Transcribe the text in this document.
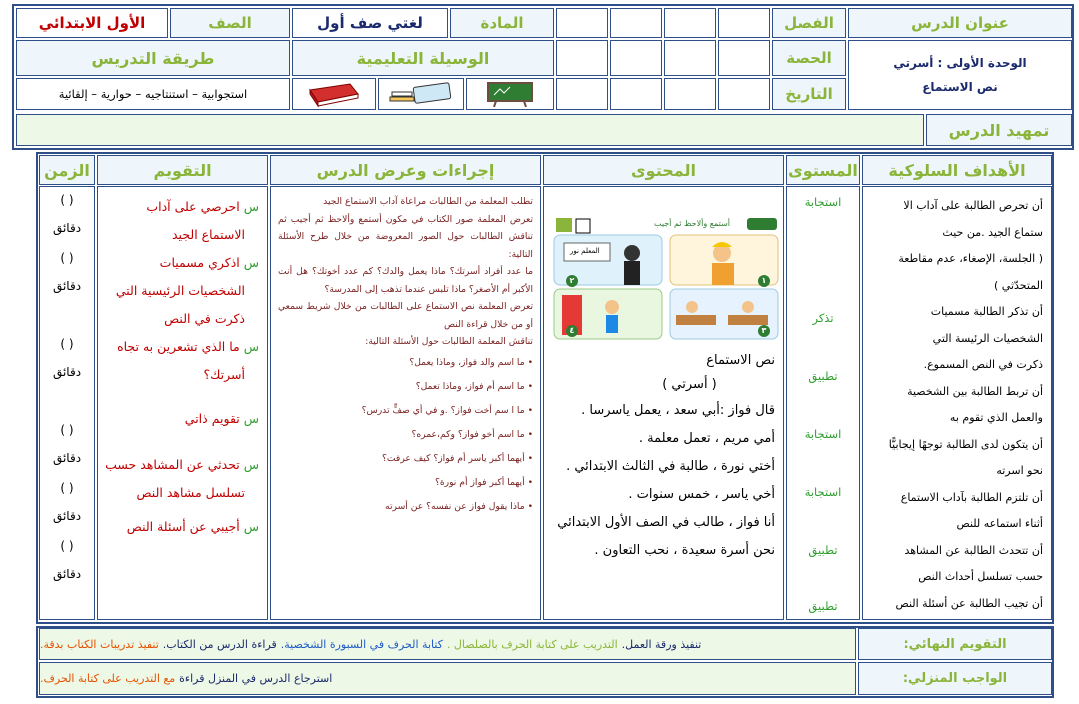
عنوان الدرس
الفصل
المادة
لغتي صف أول
الصف
الأول الابتدائي
الوحدة الأولى : أسرتي
نص الاستماع
الحصة
الوسيلة التعليمية
طريقة التدريس
التاريخ
استجوابية – استنتاجيه – حوارية – إلقائية
تمهيد الدرس
الأهداف السلوكية
المستوى
المحتوى
إجراءات وعرض الدرس
التقويم
الزمن

أن تحرص الطالبة على آداب الا

ستماع الجيد .من حيث

( الجلسة، الإصغاء، عدم مقاطعة

المتحدّثي )

أن تذكر الطالبة مسميات

الشخصيات الرئيسة التي

ذكرت في النص المسموع.

أن تربط الطالبة بين الشخصية

والعمل الذي تقوم به

أن يتكون لدى الطالبة توجهًا إيجابيًّا

نحو اسرته

أن تلتزم الطالبة بآداب الاستماع

أثناء استماعه للنص

أن تتحدث الطالبة عن المشاهد

حسب تسلسل أحداث النص

أن تجيب الطالبة عن أسئلة النص

استجابة
تذكر
تطبيق
استجابة
استجابة
تطبيق
تطبيق
أستمع وألاحظ ثم أجيب
المعلم نور
٢	١
٣
٤

نص الاستماع

( أسرتي )

قال فواز :أبي سعد ، يعمل ياسرسا .

أمي مريم ، تعمل معلمة .

أختي نورة ، طالبة في الثالث الابتدائي .

أخي ياسر ، خمس سنوات .

أنا فواز ، طالب في الصف الأول الابتدائي

نحن أسرة سعيدة ، نحب التعاون .

تطلب المعلمة من الطالبات مراعاة آداب الاستماع الجيد

تعرض المعلمة صور الكتاب في مكون أستمع وألاحظ ثم أجيب ثم تناقش الطالبات حول الصور المعروضة من خلال طرح الأسئلة التالية:

ما عدد أفراد أسرتك؟ ماذا يعمل والدك؟ كم عدد أخوتك؟ هل أنت الأكبر أم الأصغر؟ ماذا تلبس عندما تذهب إلى المدرسة؟

تعرض المعلمة نص الاستماع على الطالبات من خلال شريط سمعي أو من خلال قراءة النص

تناقش المعلمة الطالبات حول الأسئلة التالية:

• ما اسم والد فواز، وماذا يعمل؟

• ما اسم أم فواز، وماذا تعمل؟

• ما ا سم أخت فواز؟ .و في أي صفٍّ تدرس؟

• ما اسم أخو فواز؟ وكم،عمره؟

• أيهما أكبر ياسر أم فواز؟ كيف عرفت؟

• أيهما أكبر فواز أم نورة؟

• ماذا يقول فواز عن نفسه؟ عن أسرته

س احرصي على آداب

الاستماع الجيد

س اذكري مسميات

الشخصيات الرئيسية التي

ذكرت في النص

س ما الذي تشعرين به تجاه

أسرتك؟

س تقويم ذاتي

س تحدثي عن المشاهد حسب

تسلسل مشاهد النص

س أجيبي عن أسئلة النص

( )
دقائق
( )
دقائق
( )
دقائق
( )
دقائق
( )
دقائق
( )
دقائق
التقويم النهائي:
تنفيذ ورقة العمل.
التدريب على كتابة الحرف بالصلصال .
كتابة الحرف في السبورة الشخصية.
قراءة الدرس من الكتاب.
تنفيذ تدريبات الكتاب بدقة.
الواجب المنزلي:
استرجاع الدرس في المنزل قراءة
مع التدريب على كتابة الحرف.
